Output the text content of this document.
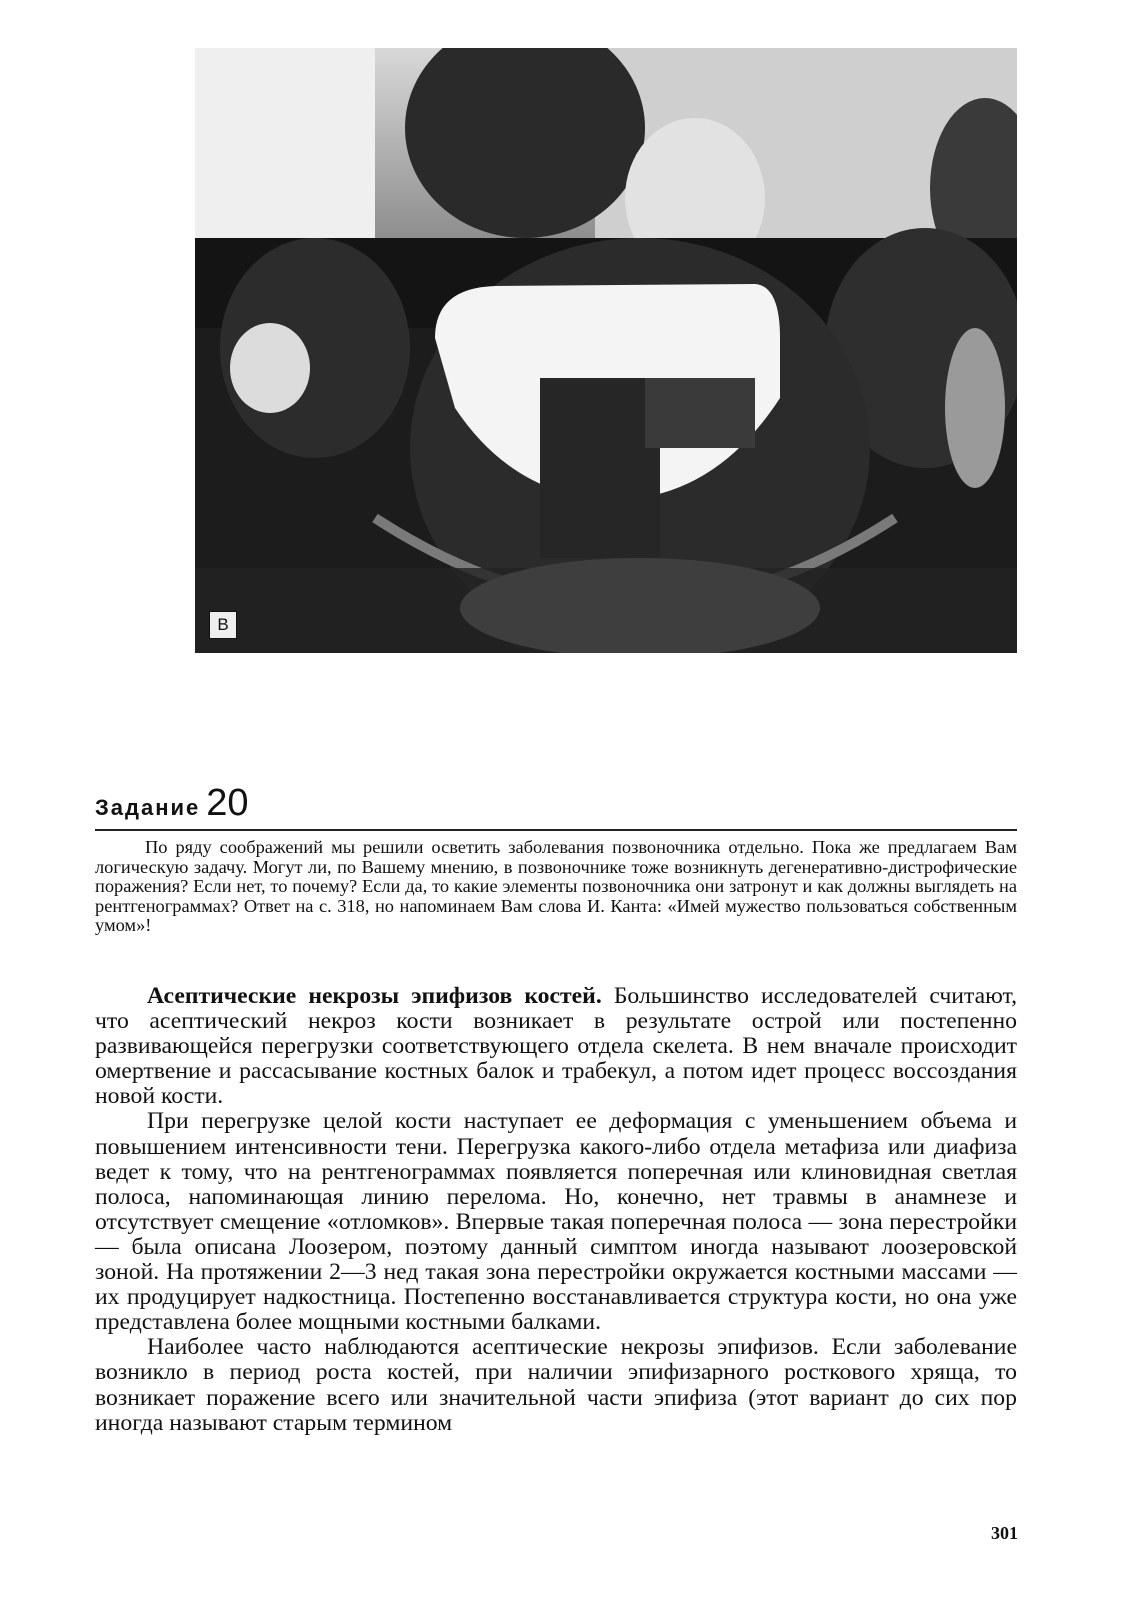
В
Задание 20

По ряду соображений мы решили осветить заболевания позвоночника отдельно. Пока же предлагаем Вам логическую задачу. Могут ли, по Вашему мнению, в позвоночнике тоже возникнуть дегенеративно-дистрофические поражения? Если нет, то почему? Если да, то какие элементы позвоночника они затронут и как должны выглядеть на рентгенограммах? Ответ на с. 318, но напоминаем Вам слова И. Канта: «Имей мужество пользоваться собственным умом»!

Асептические некрозы эпифизов костей. Большинство исследователей считают, что асептический некроз кости возникает в результате острой или постепенно развивающейся перегрузки соответствующего отдела скелета. В нем вначале происходит омертвение и рассасывание костных балок и трабекул, а потом идет процесс воссоздания новой кости.

При перегрузке целой кости наступает ее деформация с уменьшением объема и повышением интенсивности тени. Перегрузка какого-либо отдела метафиза или диафиза ведет к тому, что на рентгенограммах появляется поперечная или клиновидная светлая полоса, напоминающая линию перелома. Но, конечно, нет травмы в анамнезе и отсутствует смещение «отломков». Впервые такая поперечная полоса — зона перестройки — была описана Лоозером, поэтому данный симптом иногда называют лоозеровской зоной. На протяжении 2—3 нед такая зона перестройки окружается костными массами — их продуцирует надкостница. Постепенно восстанавливается структура кости, но она уже представлена более мощными костными балками.

Наиболее часто наблюдаются асептические некрозы эпифизов. Если заболевание возникло в период роста костей, при наличии эпифизарного росткового хряща, то возникает поражение всего или значительной части эпифиза (этот вариант до сих пор иногда называют старым термином

301
